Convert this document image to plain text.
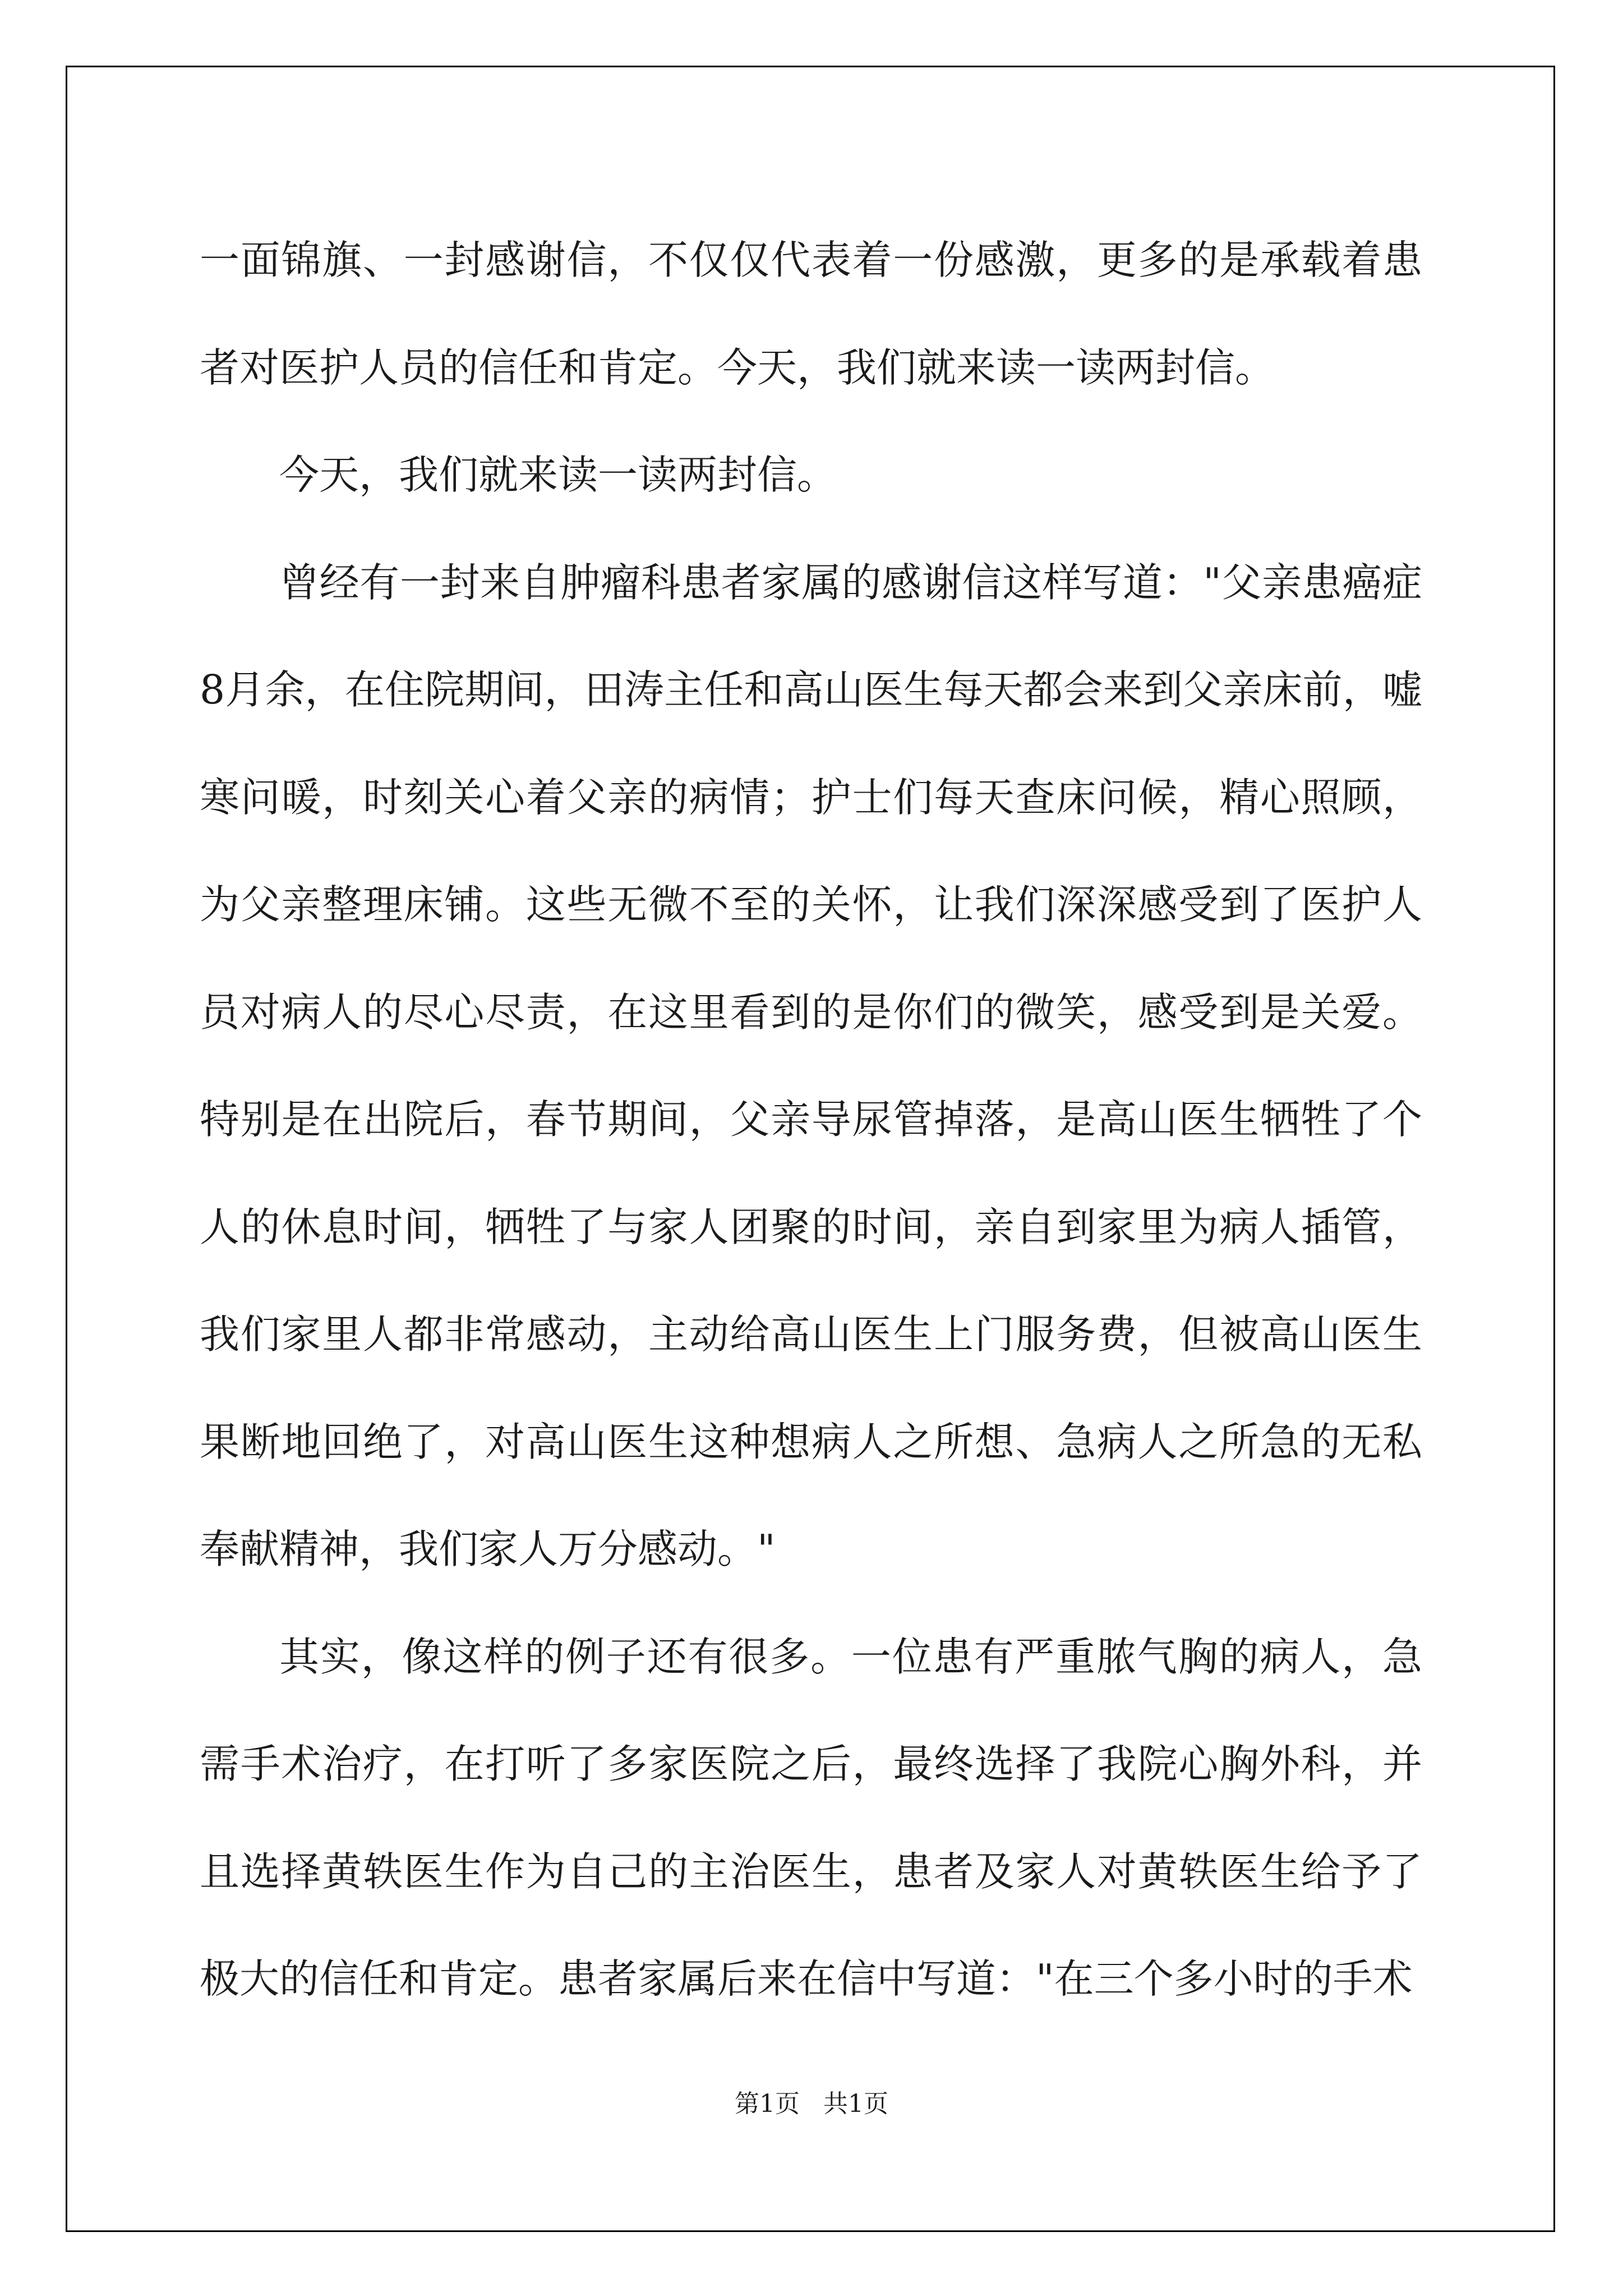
一面锦旗、一封感谢信，不仅仅代表着一份感激，更多的是承载着患者对医护人员的信任和肯定。今天，我们就来读一读两封信。

今天，我们就来读一读两封信。

曾经有一封来自肿瘤科患者家属的感谢信这样写道："父亲患癌症8月余，在住院期间，田涛主任和高山医生每天都会来到父亲床前，嘘寒问暖，时刻关心着父亲的病情；护士们每天查床问候，精心照顾，为父亲整理床铺。这些无微不至的关怀，让我们深深感受到了医护人员对病人的尽心尽责，在这里看到的是你们的微笑，感受到是关爱。特别是在出院后，春节期间，父亲导尿管掉落，是高山医生牺牲了个人的休息时间，牺牲了与家人团聚的时间，亲自到家里为病人插管，我们家里人都非常感动，主动给高山医生上门服务费，但被高山医生果断地回绝了，对高山医生这种想病人之所想、急病人之所急的无私奉献精神，我们家人万分感动。"

其实，像这样的例子还有很多。一位患有严重脓气胸的病人，急需手术治疗，在打听了多家医院之后，最终选择了我院心胸外科，并且选择黄轶医生作为自己的主治医生，患者及家人对黄轶医生给予了极大的信任和肯定。患者家属后来在信中写道："在三个多小时的手术

第1页   共1页
